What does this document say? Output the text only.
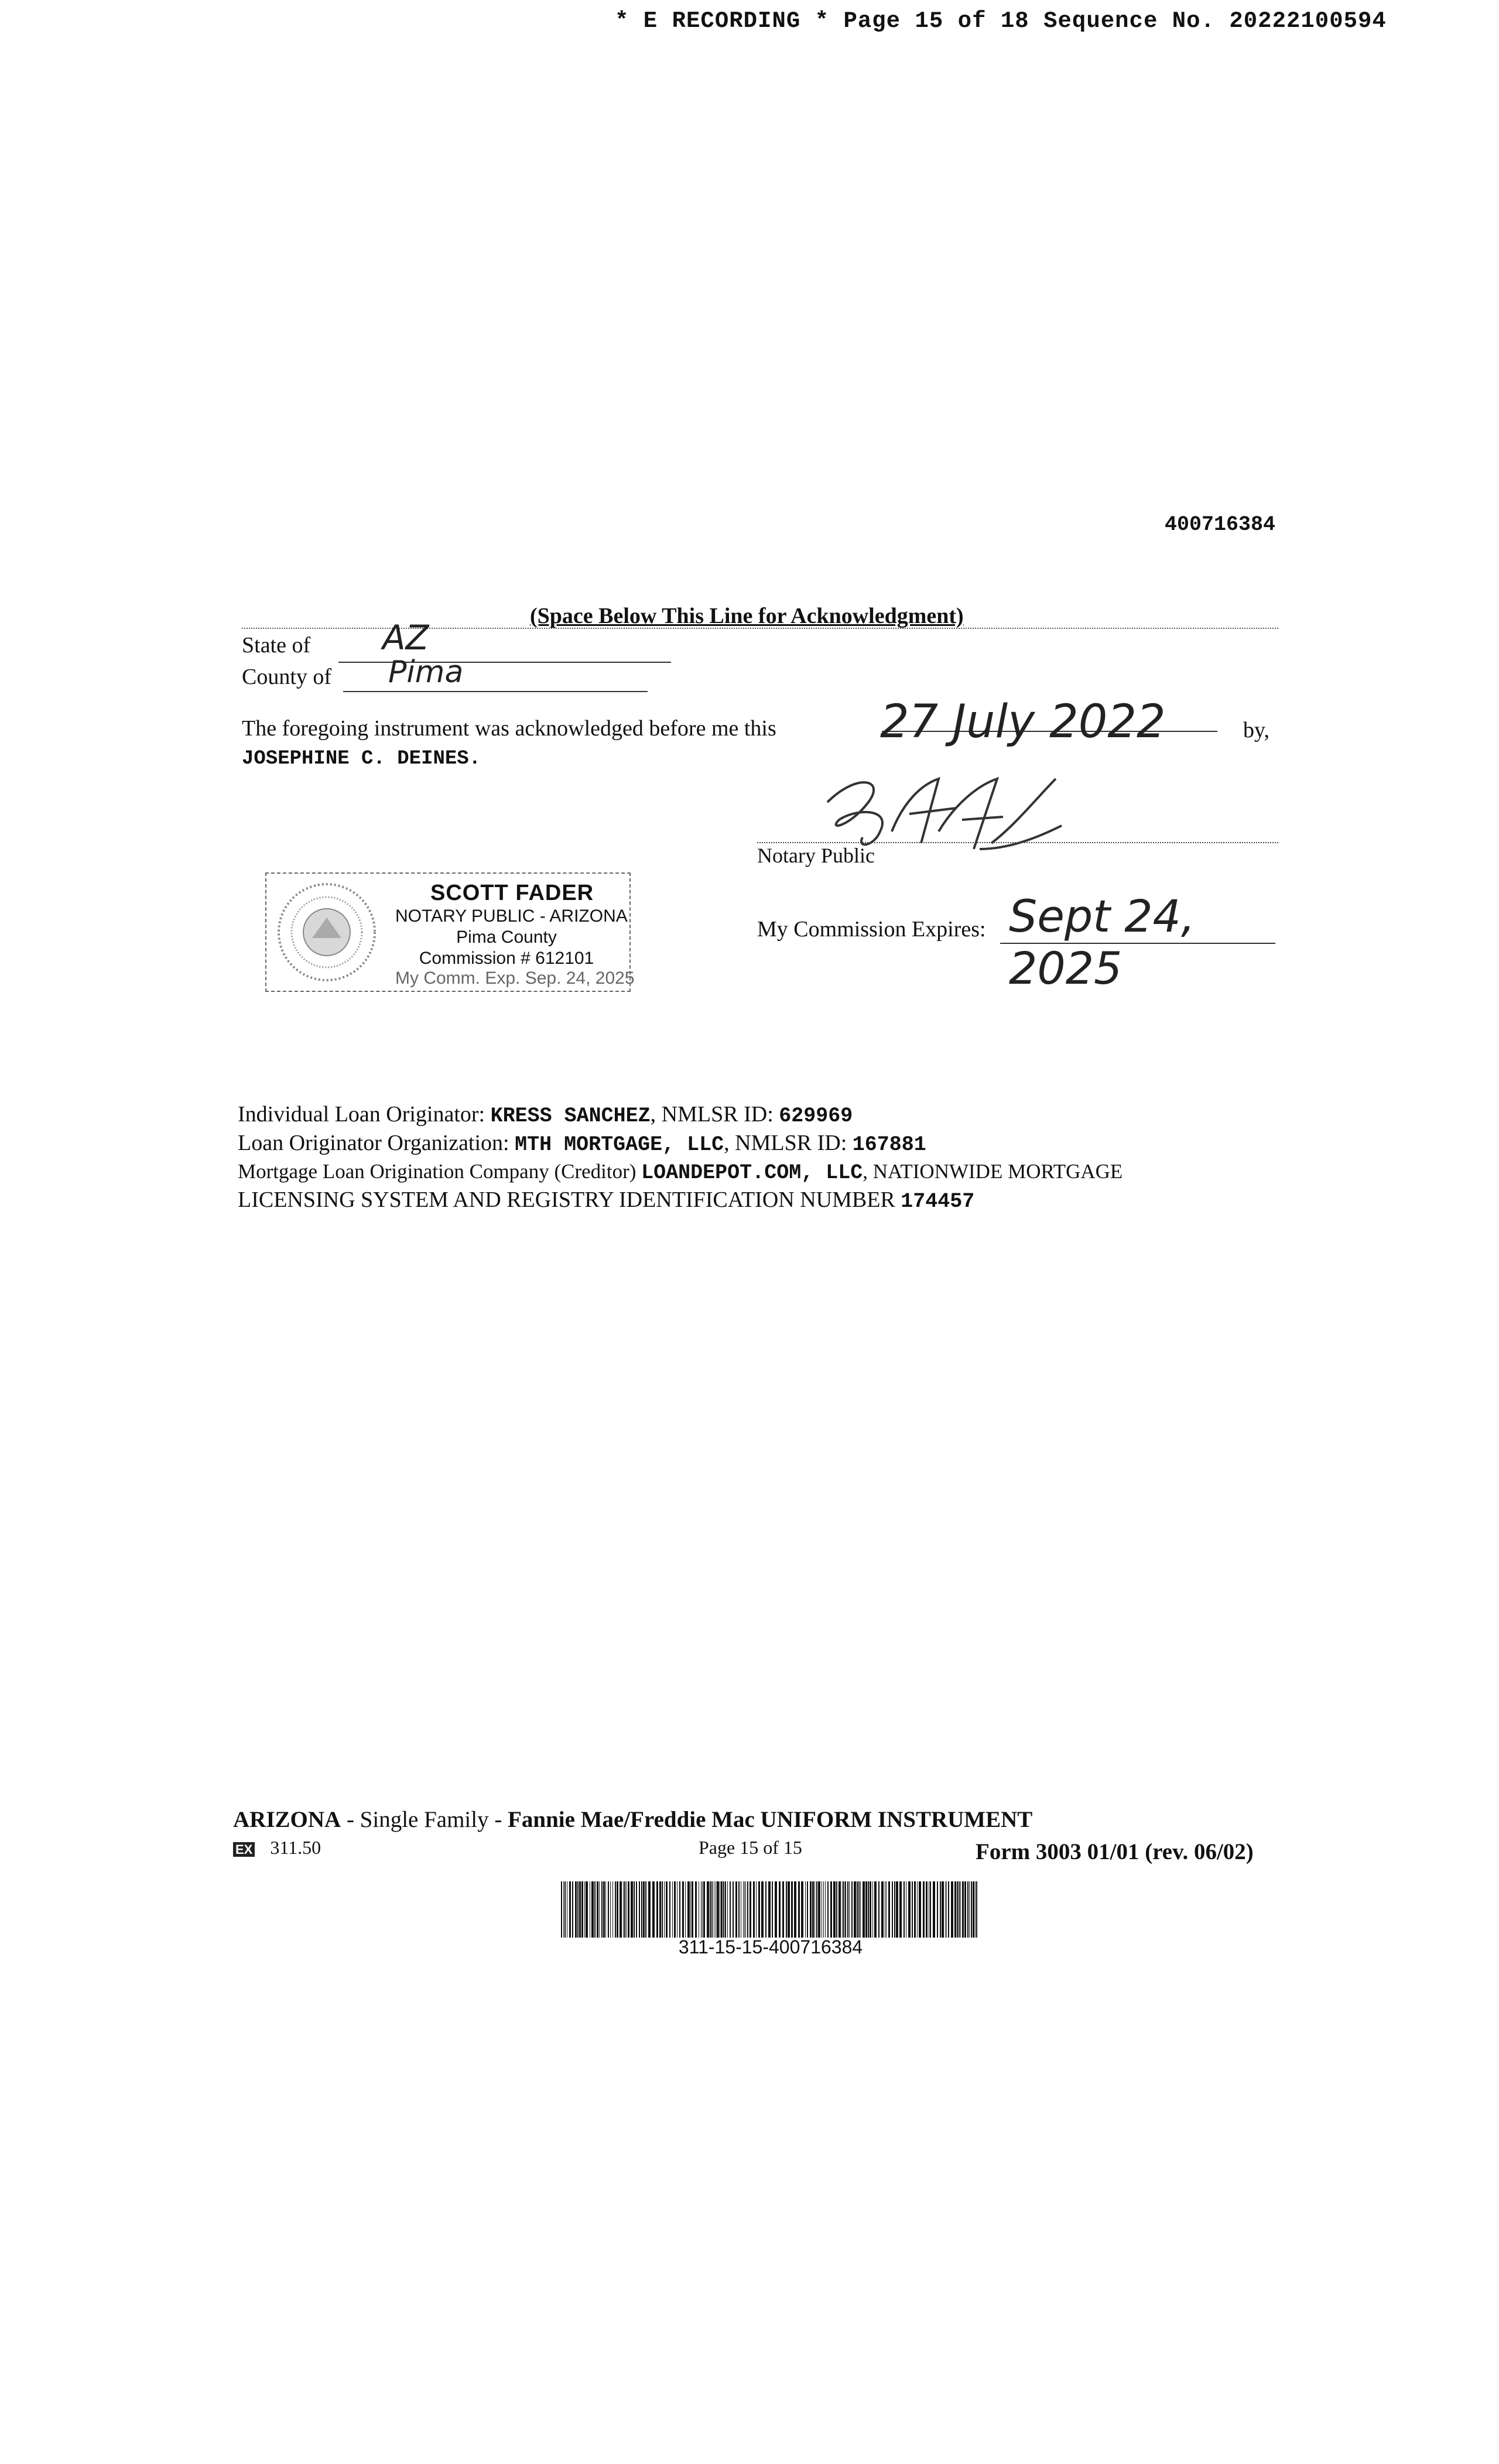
* E RECORDING * Page 15 of 18 Sequence No. 20222100594
400716384
(Space Below This Line for Acknowledgment)
State of AZ
County of Pima
The foregoing instrument was acknowledged before me this 27 July 2022	by,
JOSEPHINE C. DEINES.
Notary Public
SCOTT FADER
NOTARY PUBLIC - ARIZONA
Pima County
Commission # 612101
My Comm. Exp. Sep. 24, 2025
My Commission Expires: Sept 24, 2025
Individual Loan Originator: KRESS SANCHEZ, NMLSR ID: 629969
Loan Originator Organization: MTH MORTGAGE, LLC, NMLSR ID: 167881
Mortgage Loan Origination Company (Creditor) LOANDEPOT.COM, LLC, NATIONWIDE MORTGAGE
LICENSING SYSTEM AND REGISTRY IDENTIFICATION NUMBER 174457
ARIZONA - Single Family - Fannie Mae/Freddie Mac UNIFORM INSTRUMENT
EX 311.50	Page 15 of 15	Form 3003 01/01 (rev. 06/02)
311-15-15-400716384
